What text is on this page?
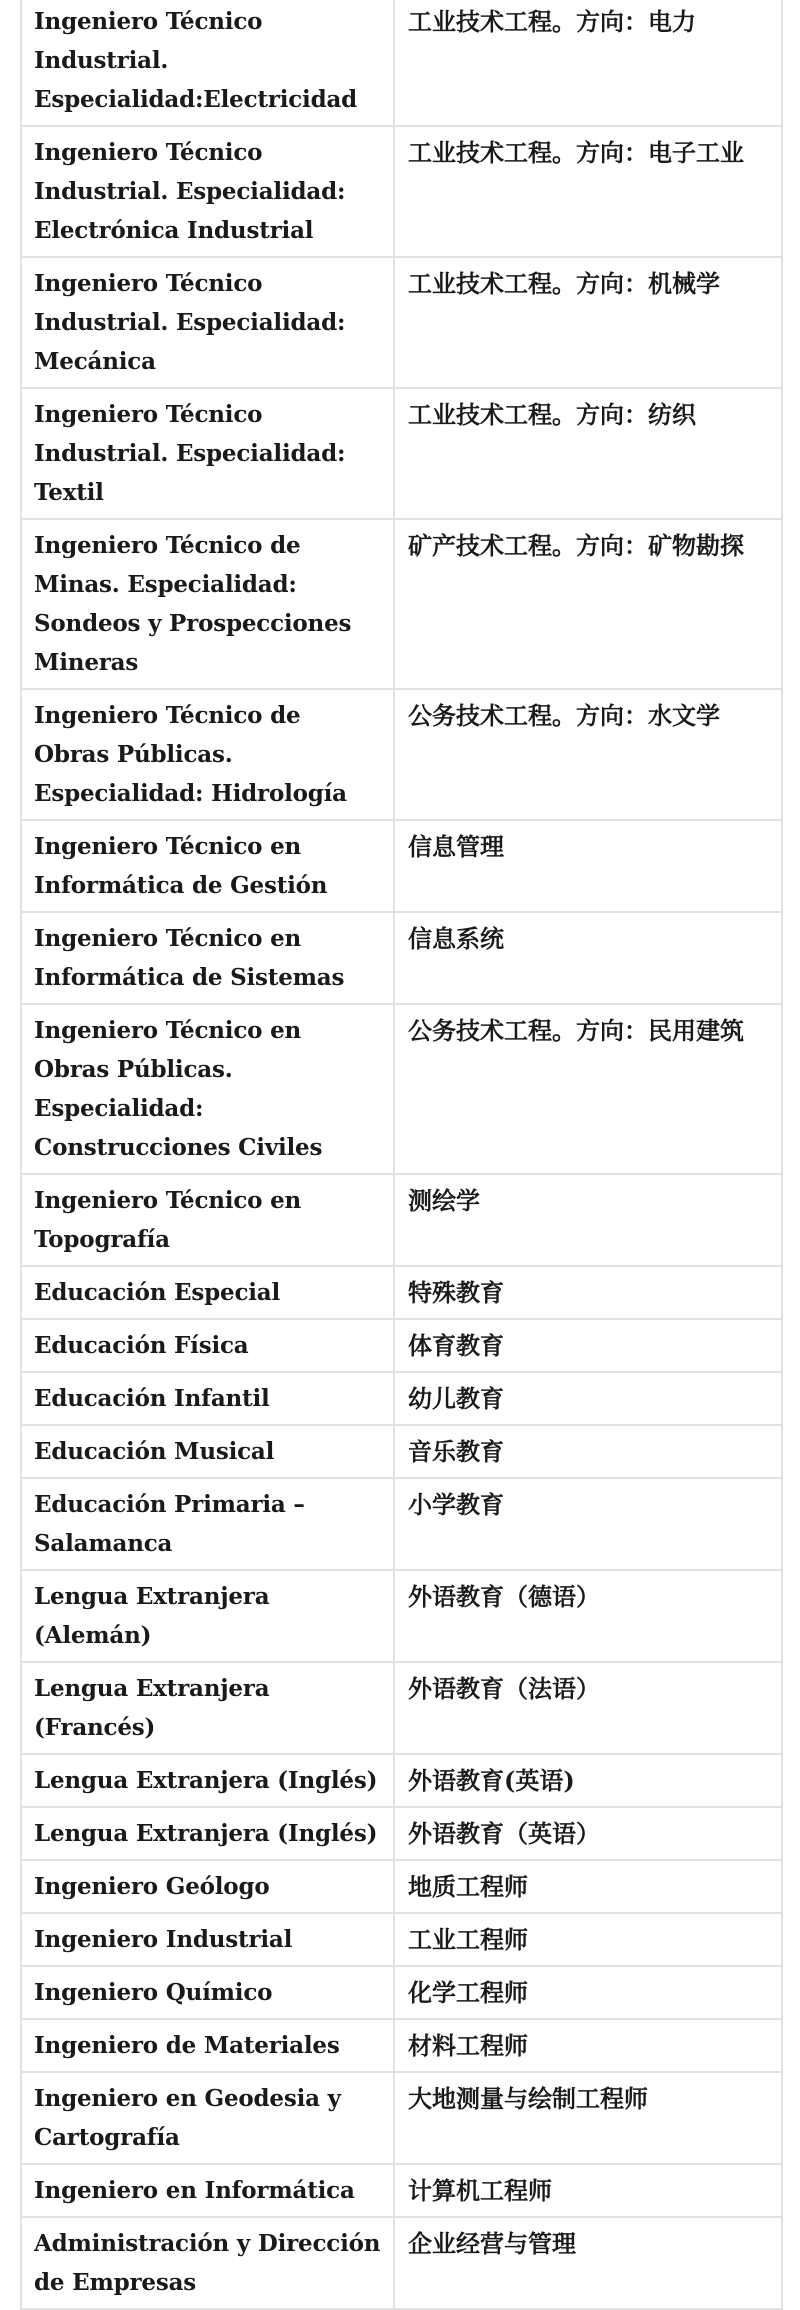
Ingeniero Técnico Industrial. Especialidad:Electricidad	工业技术工程。方向：电力
Ingeniero Técnico Industrial. Especialidad: Electrónica Industrial	工业技术工程。方向：电子工业
Ingeniero Técnico Industrial. Especialidad: Mecánica	工业技术工程。方向：机械学
Ingeniero Técnico Industrial. Especialidad: Textil	工业技术工程。方向：纺织
Ingeniero Técnico de Minas. Especialidad: Sondeos y Prospecciones Mineras	矿产技术工程。方向：矿物勘探
Ingeniero Técnico de Obras Públicas. Especialidad: Hidrología	公务技术工程。方向：水文学
Ingeniero Técnico en Informática de Gestión	信息管理
Ingeniero Técnico en Informática de Sistemas	信息系统
Ingeniero Técnico en Obras Públicas. Especialidad: Construcciones Civiles	公务技术工程。方向：民用建筑
Ingeniero Técnico en Topografía	测绘学
Educación Especial	特殊教育
Educación Física	体育教育
Educación Infantil	幼儿教育
Educación Musical	音乐教育
Educación Primaria – Salamanca	小学教育
Lengua Extranjera (Alemán)	外语教育（德语）
Lengua Extranjera (Francés)	外语教育（法语）
Lengua Extranjera (Inglés)	外语教育(英语)
Lengua Extranjera (Inglés)	外语教育（英语）
Ingeniero Geólogo	地质工程师
Ingeniero Industrial	工业工程师
Ingeniero Químico	化学工程师
Ingeniero de Materiales	材料工程师
Ingeniero en Geodesia y Cartografía	大地测量与绘制工程师
Ingeniero en Informática	计算机工程师
Administración y Dirección de Empresas	企业经营与管理
